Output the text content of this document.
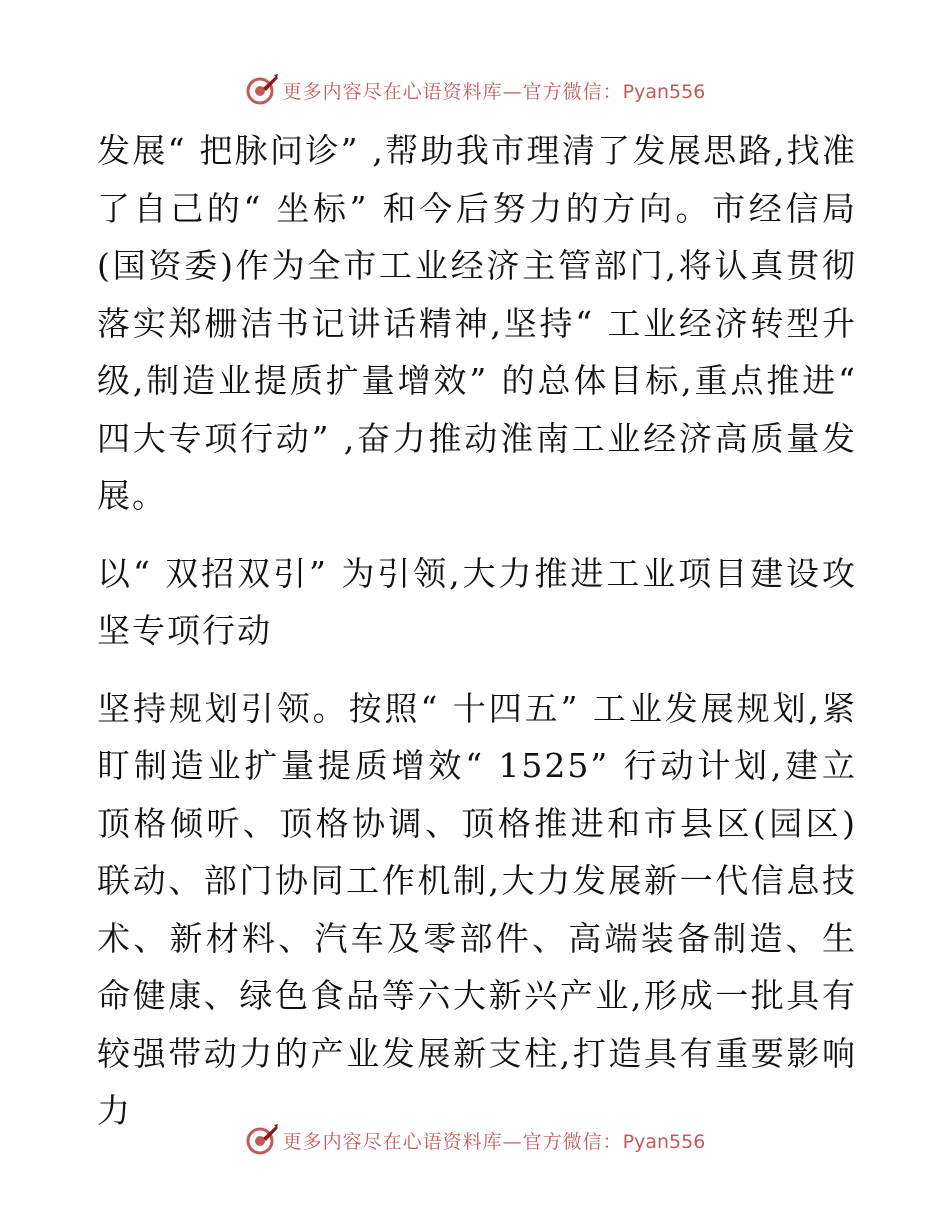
更多内容尽在心语资料库—官方微信：Pyan556

发展“ 把脉问诊” ,帮助我市理清了发展思路,找准了自己的“ 坐标” 和今后努力的方向。市经信局(国资委)作为全市工业经济主管部门,将认真贯彻落实郑栅洁书记讲话精神,坚持“ 工业经济转型升级,制造业提质扩量增效” 的总体目标,重点推进“ 四大专项行动” ,奋力推动淮南工业经济高质量发展。

以“ 双招双引” 为引领,大力推进工业项目建设攻坚专项行动

坚持规划引领。按照“ 十四五” 工业发展规划,紧盯制造业扩量提质增效“ 1525” 行动计划,建立顶格倾听、顶格协调、顶格推进和市县区(园区)联动、部门协同工作机制,大力发展新一代信息技术、新材料、汽车及零部件、高端装备制造、生命健康、绿色食品等六大新兴产业,形成一批具有较强带动力的产业发展新支柱,打造具有重要影响力

更多内容尽在心语资料库—官方微信：Pyan556
